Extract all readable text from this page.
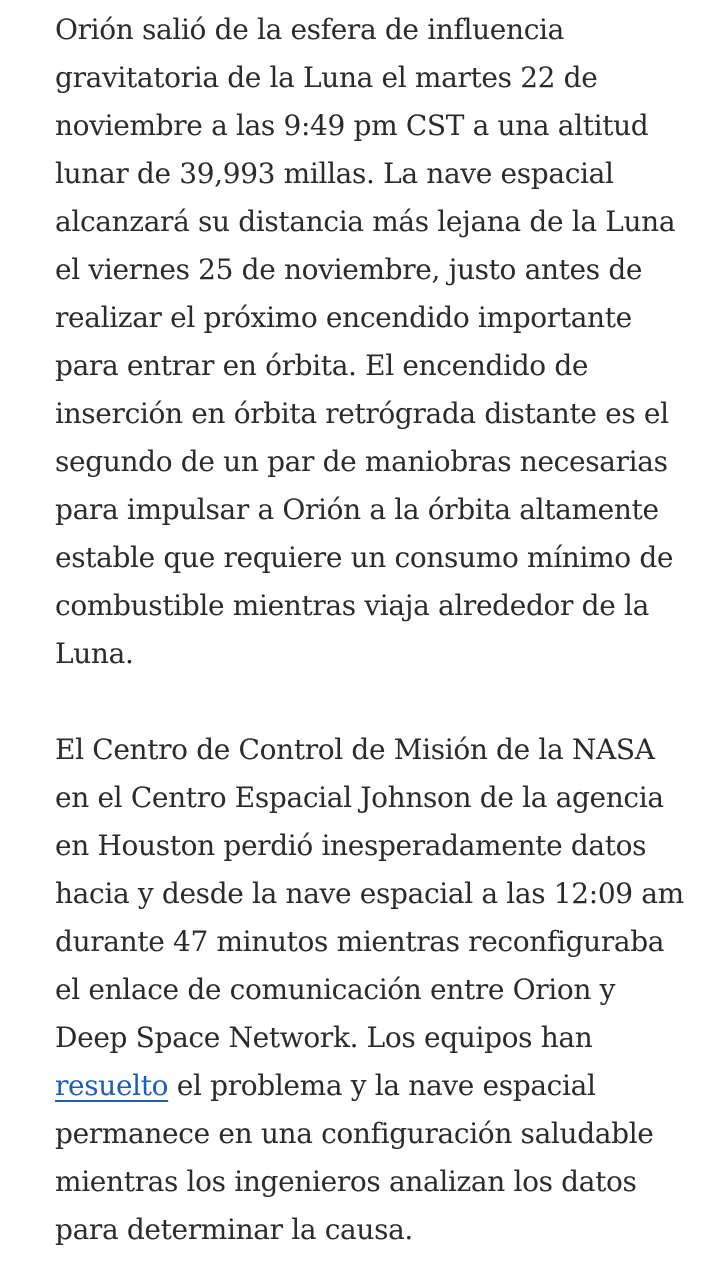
Orión salió de la esfera de influencia
gravitatoria de la Luna el martes 22 de
noviembre a las 9:49 pm CST a una altitud
lunar de 39,993 millas. La nave espacial
alcanzará su distancia más lejana de la Luna
el viernes 25 de noviembre, justo antes de
realizar el próximo encendido importante
para entrar en órbita. El encendido de
inserción en órbita retrógrada distante es el
segundo de un par de maniobras necesarias
para impulsar a Orión a la órbita altamente
estable que requiere un consumo mínimo de
combustible mientras viaja alrededor de la
Luna.

El Centro de Control de Misión de la NASA
en el Centro Espacial Johnson de la agencia
en Houston perdió inesperadamente datos
hacia y desde la nave espacial a las 12:09 am
durante 47 minutos mientras reconfiguraba
el enlace de comunicación entre Orion y
Deep Space Network. Los equipos han
resuelto el problema y la nave espacial
permanece en una configuración saludable
mientras los ingenieros analizan los datos
para determinar la causa.
